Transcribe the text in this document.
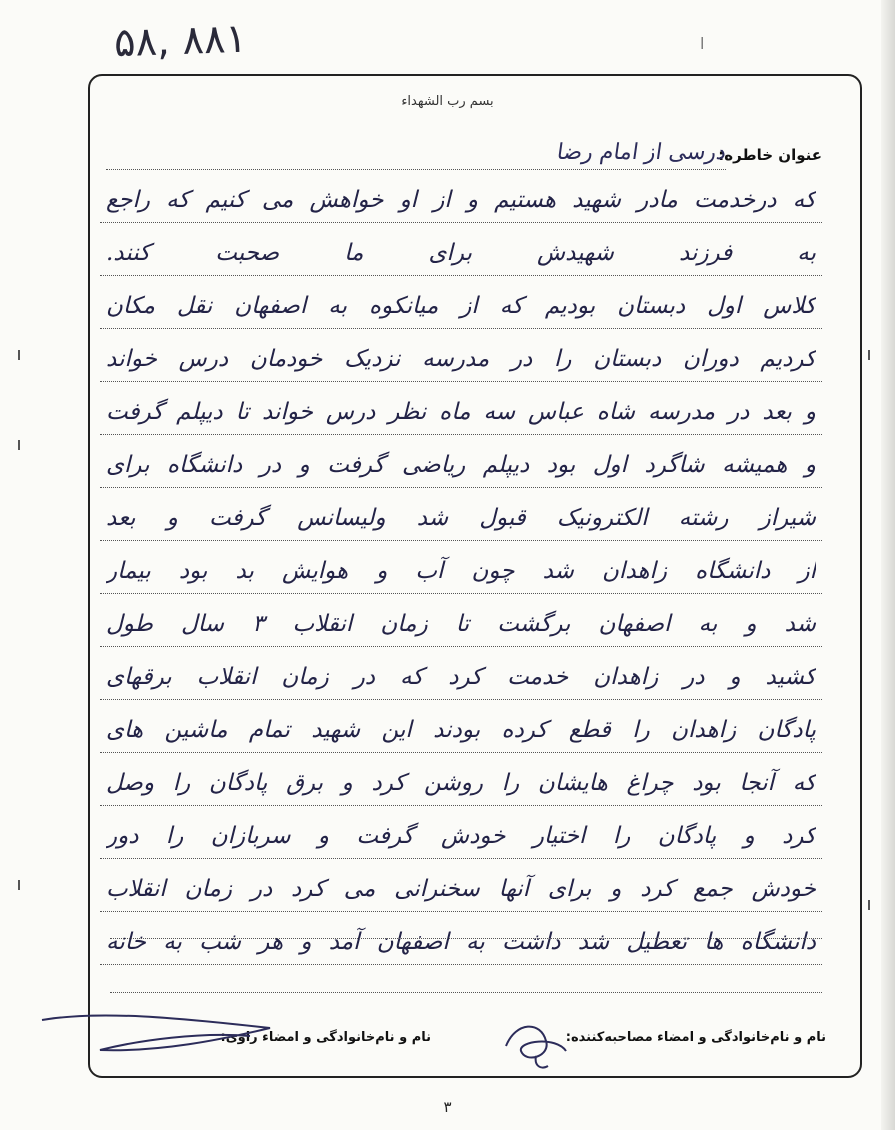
۵۸, ۸۸۱	ا
بسم رب الشهداء
عنوان خاطره:
درسی از امام رضا
که درخدمت مادر شهید هستیم و از او خواهش می کنیم که راجع
به فرزند شهیدش برای ما صحبت کنند.
کلاس اول دبستان بودیم که از میانکوه به اصفهان نقل مکان
کردیم دوران دبستان را در مدرسه نزدیک خودمان درس خواند
و بعد در مدرسه شاه عباس سه ماه نظر درس خواند تا دیپلم گرفت
و همیشه شاگرد اول بود دیپلم ریاضی گرفت و در دانشگاه برای
شیراز رشته الکترونیک قبول شد ولیسانس گرفت و بعد
از دانشگاه زاهدان شد چون آب و هوایش بد بود بیمار
شد و به اصفهان برگشت تا زمان انقلاب ۳ سال طول
کشید و در زاهدان خدمت کرد که در زمان انقلاب برقهای
پادگان زاهدان را قطع کرده بودند این شهید تمام ماشین های
که آنجا بود چراغ هایشان را روشن کرد و برق پادگان را وصل
کرد و پادگان را اختیار خودش گرفت و سربازان را دور
خودش جمع کرد و برای آنها سخنرانی می کرد در زمان انقلاب
دانشگاه ها تعطیل شد داشت به اصفهان آمد و هر شب به خانه
نام و نام‌خانوادگی و امضاء مصاحبه‌کننده:
نام و نام‌خانوادگی و امضاء راوی:
۳
